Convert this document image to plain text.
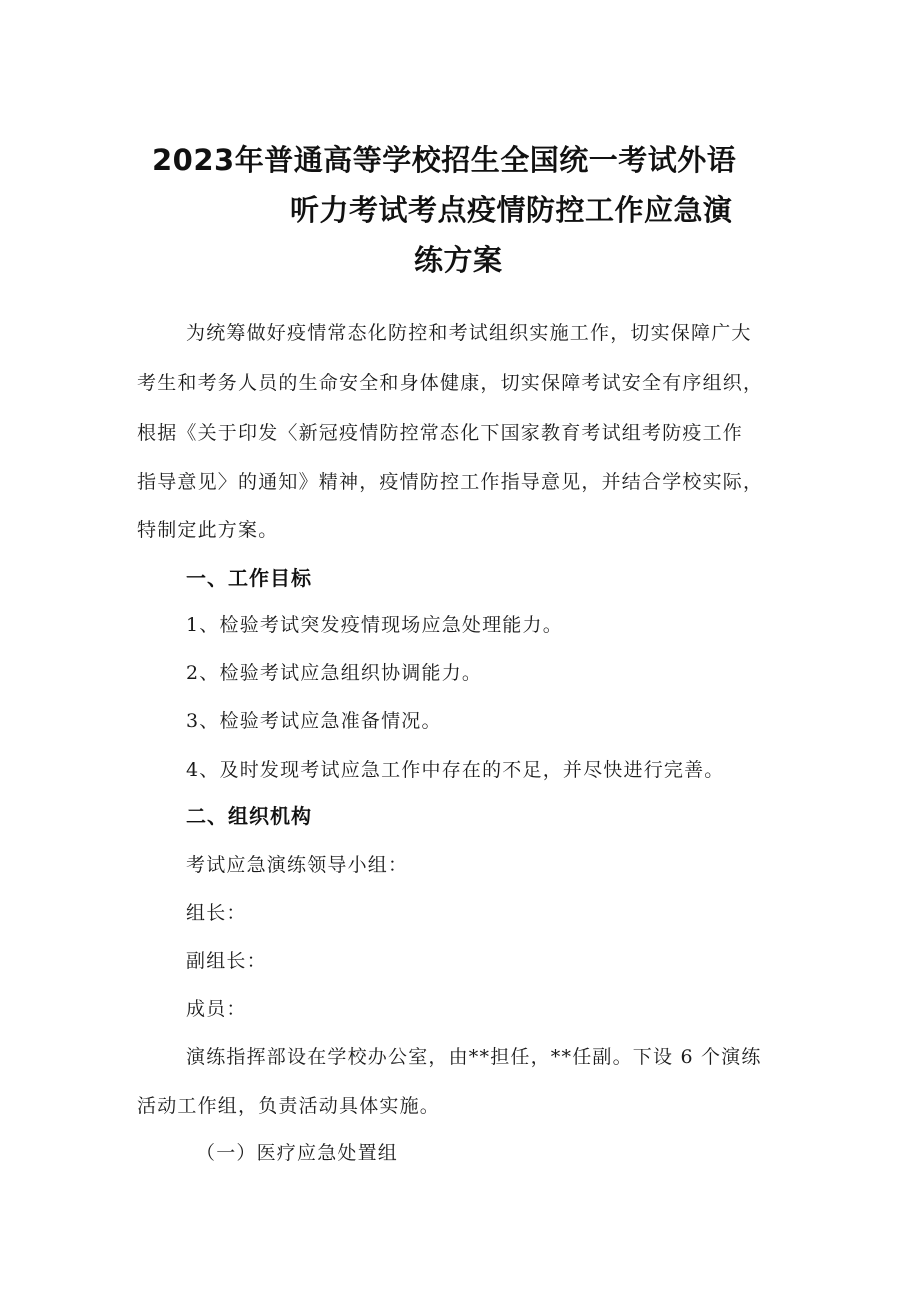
2023年普通高等学校招生全国统一考试外语
听力考试考点疫情防控工作应急演
练方案
为统筹做好疫情常态化防控和考试组织实施工作，切实保障广大
考生和考务人员的生命安全和身体健康，切实保障考试安全有序组织，
根据《关于印发〈新冠疫情防控常态化下国家教育考试组考防疫工作
指导意见〉的通知》精神，疫情防控工作指导意见，并结合学校实际，
特制定此方案。
一、工作目标
1、检验考试突发疫情现场应急处理能力。
2、检验考试应急组织协调能力。
3、检验考试应急准备情况。
4、及时发现考试应急工作中存在的不足，并尽快进行完善。
二、组织机构
考试应急演练领导小组：
组长：
副组长：
成员：
演练指挥部设在学校办公室，由**担任，**任副。下设 6 个演练
活动工作组，负责活动具体实施。
（一）医疗应急处置组
